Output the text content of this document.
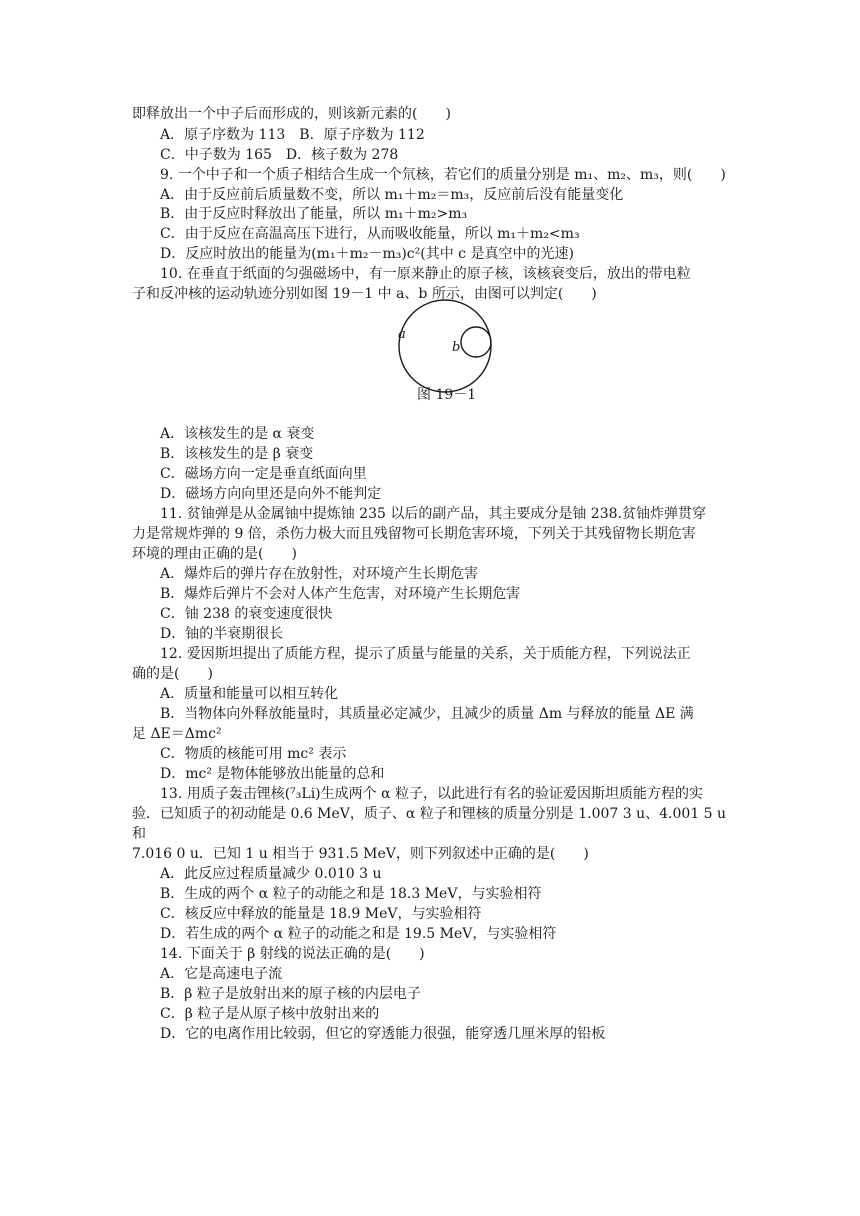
即释放出一个中子后而形成的，则该新元素的(　　)
A．原子序数为 113　B．原子序数为 112
C．中子数为 165　D．核子数为 278
9. 一个中子和一个质子相结合生成一个氘核，若它们的质量分别是 m₁、m₂、m₃，则(　　)
A．由于反应前后质量数不变，所以 m₁＋m₂＝m₃，反应前后没有能量变化
B．由于反应时释放出了能量，所以 m₁＋m₂>m₃
C．由于反应在高温高压下进行，从而吸收能量，所以 m₁＋m₂<m₃
D．反应时放出的能量为(m₁＋m₂－m₃)c²(其中 c 是真空中的光速)
10. 在垂直于纸面的匀强磁场中，有一原来静止的原子核，该核衰变后，放出的带电粒
子和反冲核的运动轨迹分别如图 19－1 中 a、b 所示，由图可以判定(　　)
A．该核发生的是 α 衰变
B．该核发生的是 β 衰变
C．磁场方向一定是垂直纸面向里
D．磁场方向向里还是向外不能判定
11. 贫铀弹是从金属铀中提炼铀 235 以后的副产品，其主要成分是铀 238.贫铀炸弹贯穿
力是常规炸弹的 9 倍，杀伤力极大而且残留物可长期危害环境，下列关于其残留物长期危害
环境的理由正确的是(　　)
A．爆炸后的弹片存在放射性，对环境产生长期危害
B．爆炸后弹片不会对人体产生危害，对环境产生长期危害
C．铀 238 的衰变速度很快
D．铀的半衰期很长
12. 爱因斯坦提出了质能方程，提示了质量与能量的关系，关于质能方程，下列说法正
确的是(　　)
A．质量和能量可以相互转化
B．当物体向外释放能量时，其质量必定减少，且减少的质量 Δm 与释放的能量 ΔE 满
足 ΔE＝Δmc²
C．物质的核能可用 mc² 表示
D．mc² 是物体能够放出能量的总和
13. 用质子轰击锂核(⁷₃Li)生成两个 α 粒子，以此进行有名的验证爱因斯坦质能方程的实
验．已知质子的初动能是 0.6 MeV，质子、α 粒子和锂核的质量分别是 1.007 3 u、4.001 5 u
和
7.016 0 u．已知 1 u 相当于 931.5 MeV，则下列叙述中正确的是(　　)
A．此反应过程质量减少 0.010 3 u
B．生成的两个 α 粒子的动能之和是 18.3 MeV，与实验相符
C．核反应中释放的能量是 18.9 MeV，与实验相符
D．若生成的两个 α 粒子的动能之和是 19.5 MeV，与实验相符
14. 下面关于 β 射线的说法正确的是(　　)
A．它是高速电子流
B．β 粒子是放射出来的原子核的内层电子
C．β 粒子是从原子核中放射出来的
D．它的电离作用比较弱，但它的穿透能力很强，能穿透几厘米厚的铅板
a
b
图 19－1
